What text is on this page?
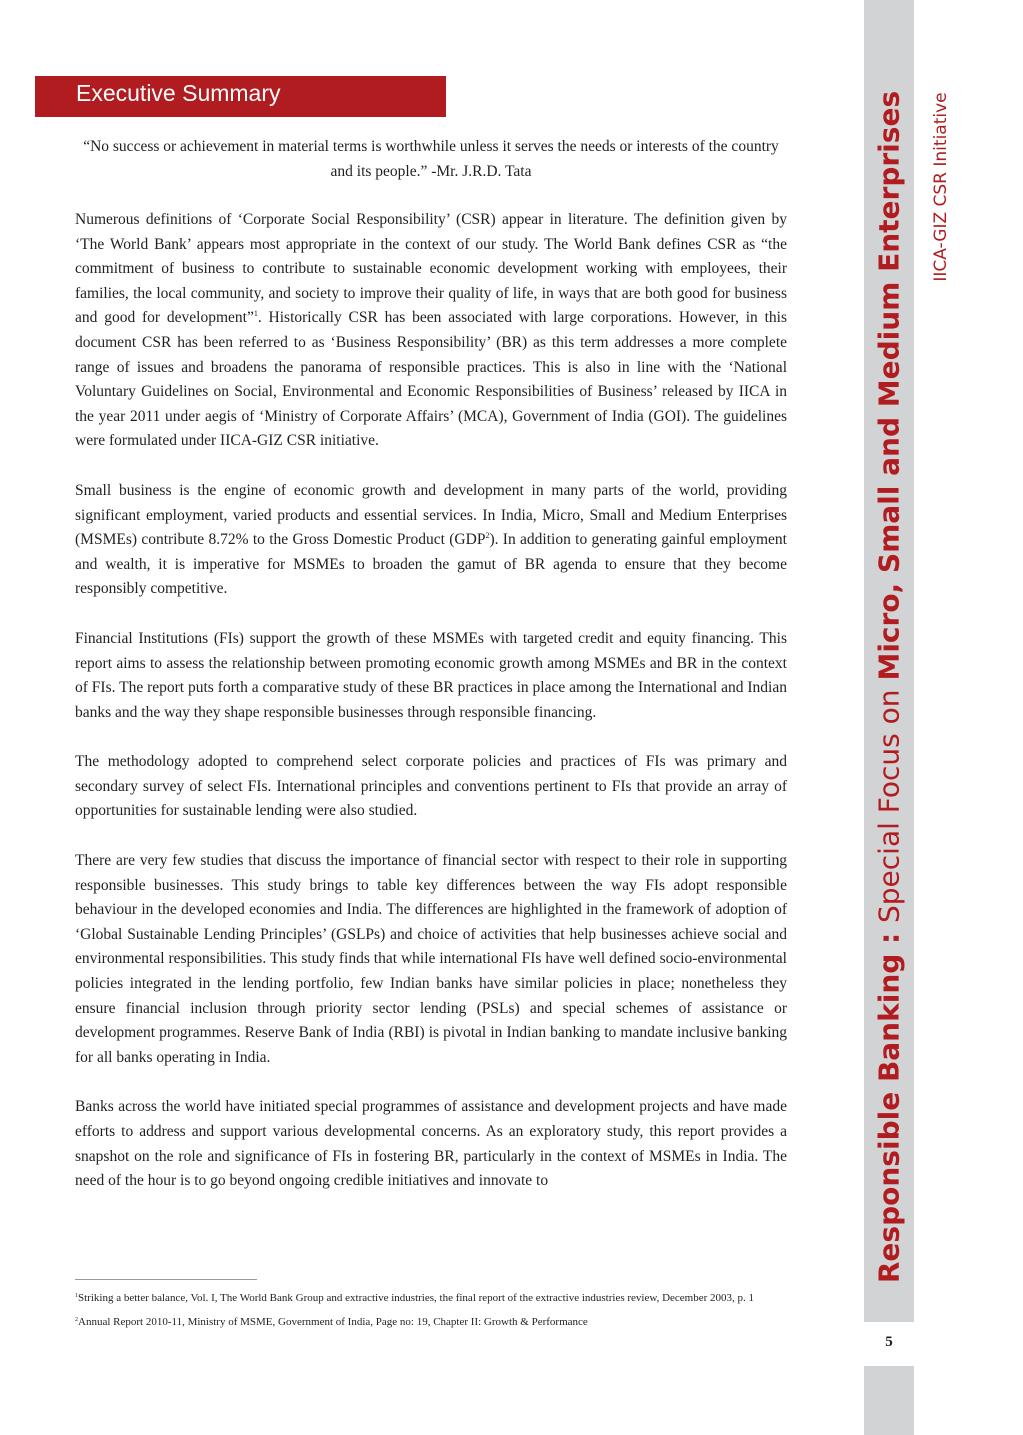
Executive Summary
“No success or achievement in material terms is worthwhile unless it serves the needs or interests of the country and its people.” -Mr. J.R.D. Tata

Numerous definitions of ‘Corporate Social Responsibility’ (CSR) appear in literature. The definition given by ‘The World Bank’ appears most appropriate in the context of our study. The World Bank defines CSR as “the commitment of business to contribute to sustainable economic development working with employees, their families, the local community, and society to improve their quality of life, in ways that are both good for business and good for development”$^1$. Historically CSR has been associated with large corporations. However, in this document CSR has been referred to as ‘Business Responsibility’ (BR) as this term addresses a more complete range of issues and broadens the panorama of responsible practices. This is also in line with the ‘National Voluntary Guidelines on Social, Environmental and Economic Responsibilities of Business’ released by IICA in the year 2011 under aegis of ‘Ministry of Corporate Affairs’ (MCA), Government of India (GOI). The guidelines were formulated under IICA-GIZ CSR initiative.

Small business is the engine of economic growth and development in many parts of the world, providing significant employment, varied products and essential services. In India, Micro, Small and Medium Enterprises (MSMEs) contribute 8.72% to the Gross Domestic Product (GDP$^2$). In addition to generating gainful employment and wealth, it is imperative for MSMEs to broaden the gamut of BR agenda to ensure that they become responsibly competitive.

Financial Institutions (FIs) support the growth of these MSMEs with targeted credit and equity financing. This report aims to assess the relationship between promoting economic growth among MSMEs and BR in the context of FIs. The report puts forth a comparative study of these BR practices in place among the International and Indian banks and the way they shape responsible businesses through responsible financing.

The methodology adopted to comprehend select corporate policies and practices of FIs was primary and secondary survey of select FIs. International principles and conventions pertinent to FIs that provide an array of opportunities for sustainable lending were also studied.

There are very few studies that discuss the importance of financial sector with respect to their role in supporting responsible businesses. This study brings to table key differences between the way FIs adopt responsible behaviour in the developed economies and India. The differences are highlighted in the framework of adoption of ‘Global Sustainable Lending Principles’ (GSLPs) and choice of activities that help businesses achieve social and environmental responsibilities. This study finds that while international FIs have well defined socio-environmental policies integrated in the lending portfolio, few Indian banks have similar policies in place; nonetheless they ensure financial inclusion through priority sector lending (PSLs) and special schemes of assistance or development programmes. Reserve Bank of India (RBI) is pivotal in Indian banking to mandate inclusive banking for all banks operating in India.

Banks across the world have initiated special programmes of assistance and development projects and have made efforts to address and support various developmental concerns. As an exploratory study, this report provides a snapshot on the role and significance of FIs in fostering BR, particularly in the context of MSMEs in India. The need of the hour is to go beyond ongoing credible initiatives and innovate to

$^1$Striking a better balance, Vol. I, The World Bank Group and extractive industries, the final report of the extractive industries review, December 2003, p. 1

$^2$Annual Report 2010-11, Ministry of MSME, Government of India, Page no: 19, Chapter II: Growth & Performance

Responsible Banking : Special Focus on Micro, Small and Medium Enterprises IICA-GIZ CSR Initiative
5
